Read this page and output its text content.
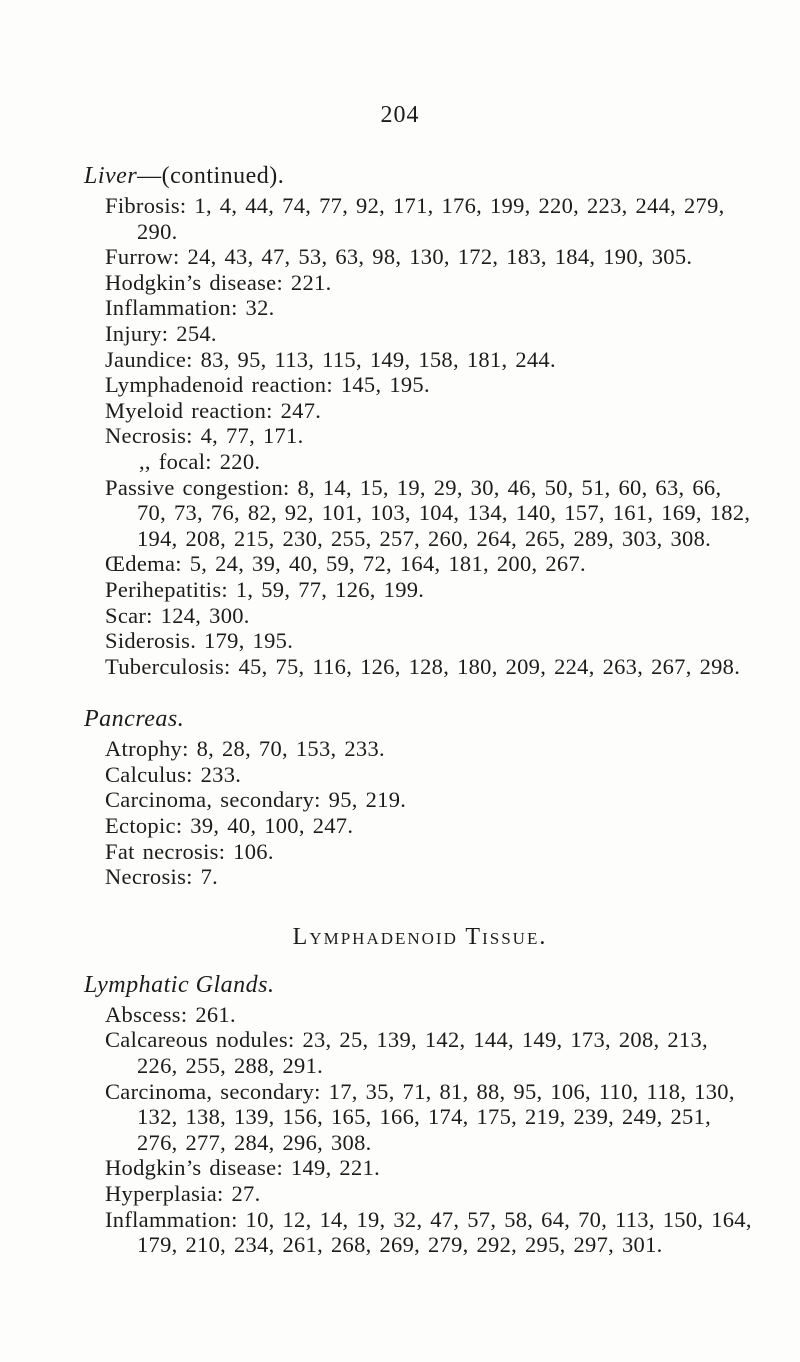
204
Liver—(continued).
Fibrosis: 1, 4, 44, 74, 77, 92, 171, 176, 199, 220, 223, 244, 279, 290.
Furrow: 24, 43, 47, 53, 63, 98, 130, 172, 183, 184, 190, 305.
Hodgkin’s disease: 221.
Inflammation: 32.
Injury: 254.
Jaundice: 83, 95, 113, 115, 149, 158, 181, 244.
Lymphadenoid reaction: 145, 195.
Myeloid reaction: 247.
Necrosis: 4, 77, 171.
,, focal: 220.
Passive congestion: 8, 14, 15, 19, 29, 30, 46, 50, 51, 60, 63, 66, 70, 73, 76, 82, 92, 101, 103, 104, 134, 140, 157, 161, 169, 182, 194, 208, 215, 230, 255, 257, 260, 264, 265, 289, 303, 308.
Œdema: 5, 24, 39, 40, 59, 72, 164, 181, 200, 267.
Perihepatitis: 1, 59, 77, 126, 199.
Scar: 124, 300.
Siderosis. 179, 195.
Tuberculosis: 45, 75, 116, 126, 128, 180, 209, 224, 263, 267, 298.
Pancreas.
Atrophy: 8, 28, 70, 153, 233.
Calculus: 233.
Carcinoma, secondary: 95, 219.
Ectopic: 39, 40, 100, 247.
Fat necrosis: 106.
Necrosis: 7.
Lymphadenoid Tissue.
Lymphatic Glands.
Abscess: 261.
Calcareous nodules: 23, 25, 139, 142, 144, 149, 173, 208, 213, 226, 255, 288, 291.
Carcinoma, secondary: 17, 35, 71, 81, 88, 95, 106, 110, 118, 130, 132, 138, 139, 156, 165, 166, 174, 175, 219, 239, 249, 251, 276, 277, 284, 296, 308.
Hodgkin’s disease: 149, 221.
Hyperplasia: 27.
Inflammation: 10, 12, 14, 19, 32, 47, 57, 58, 64, 70, 113, 150, 164, 179, 210, 234, 261, 268, 269, 279, 292, 295, 297, 301.
